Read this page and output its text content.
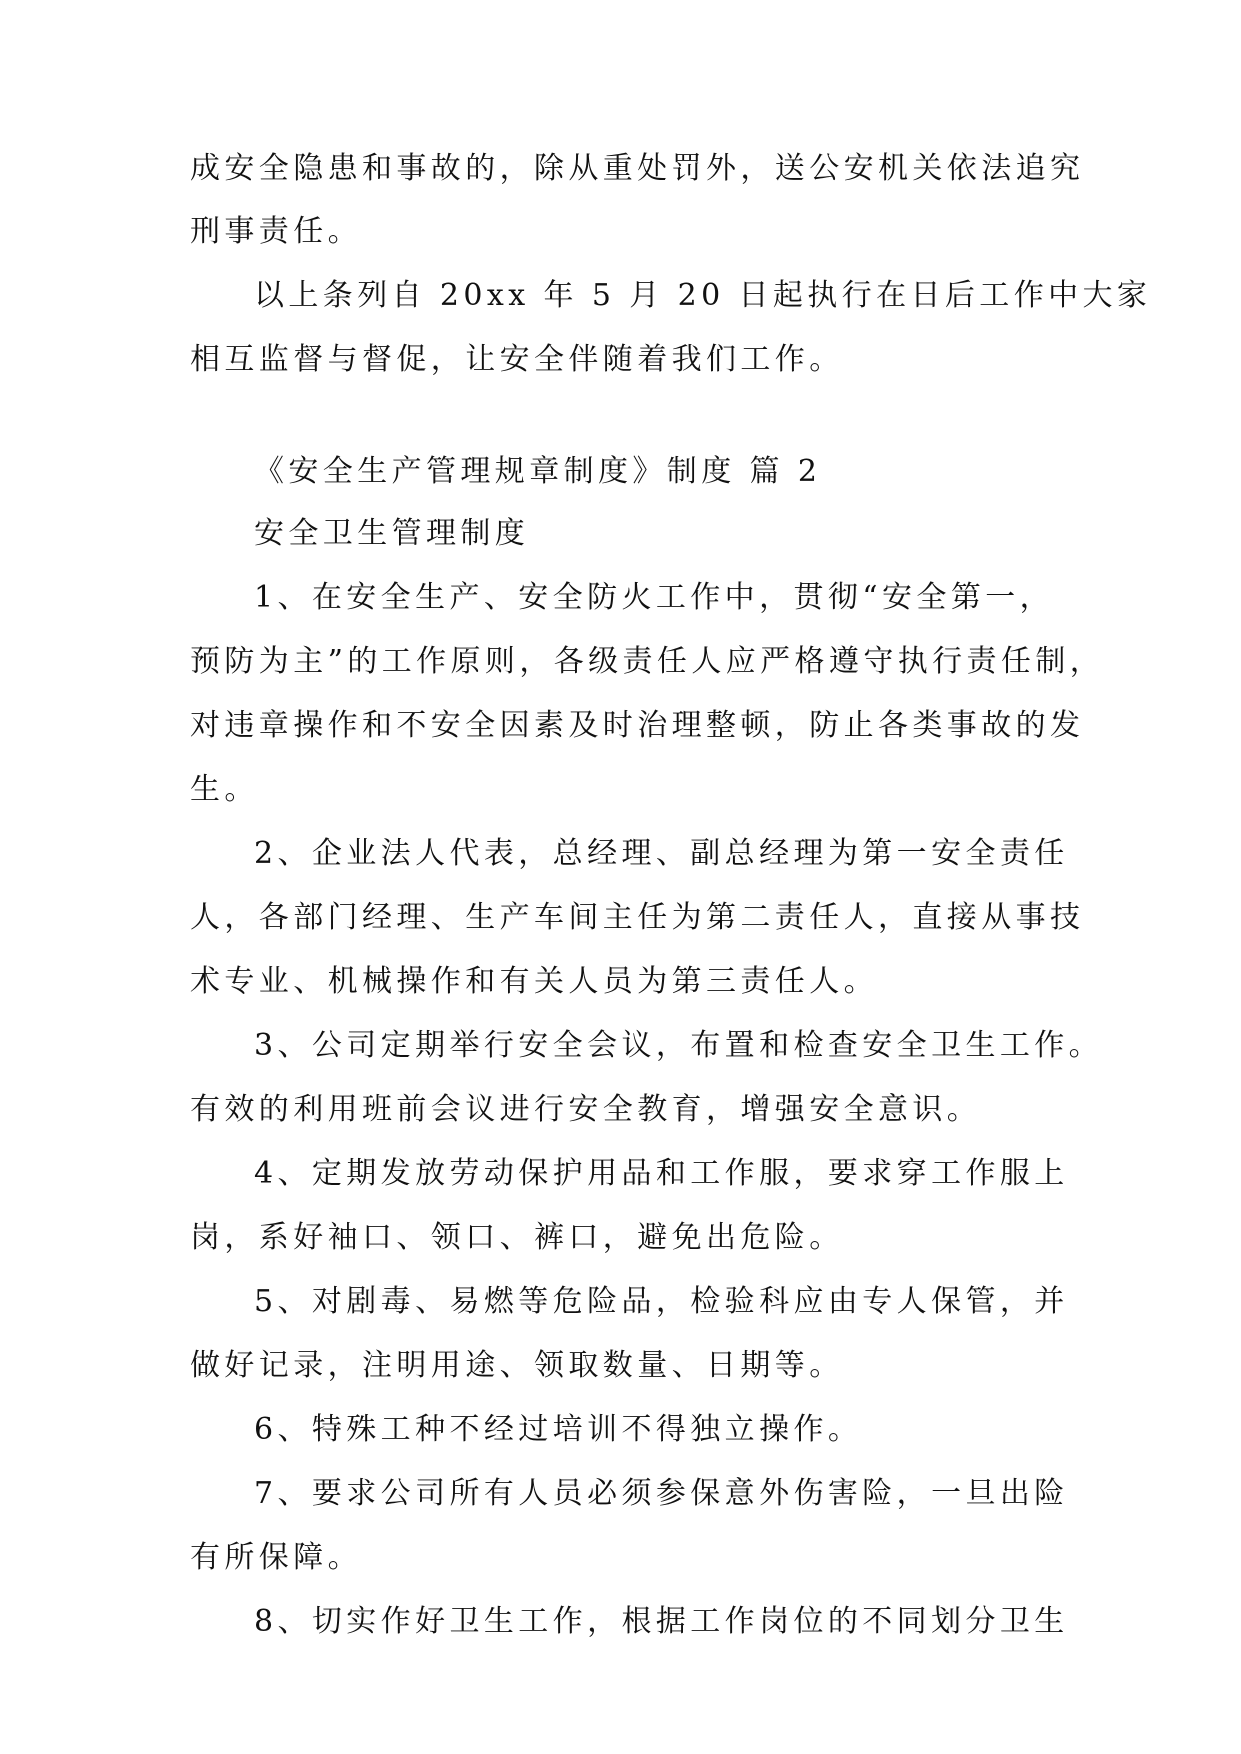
成安全隐患和事故的，除从重处罚外，送公安机关依法追究
刑事责任。
以上条列自 20xx 年 5 月 20 日起执行在日后工作中大家
相互监督与督促，让安全伴随着我们工作。
《安全生产管理规章制度》制度 篇 2
安全卫生管理制度
1、在安全生产、安全防火工作中，贯彻“安全第一，
预防为主”的工作原则，各级责任人应严格遵守执行责任制，
对违章操作和不安全因素及时治理整顿，防止各类事故的发
生。
2、企业法人代表，总经理、副总经理为第一安全责任
人，各部门经理、生产车间主任为第二责任人，直接从事技
术专业、机械操作和有关人员为第三责任人。
3、公司定期举行安全会议，布置和检查安全卫生工作。
有效的利用班前会议进行安全教育，增强安全意识。
4、定期发放劳动保护用品和工作服，要求穿工作服上
岗，系好袖口、领口、裤口，避免出危险。
5、对剧毒、易燃等危险品，检验科应由专人保管，并
做好记录，注明用途、领取数量、日期等。
6、特殊工种不经过培训不得独立操作。
7、要求公司所有人员必须参保意外伤害险，一旦出险
有所保障。
8、切实作好卫生工作，根据工作岗位的不同划分卫生
